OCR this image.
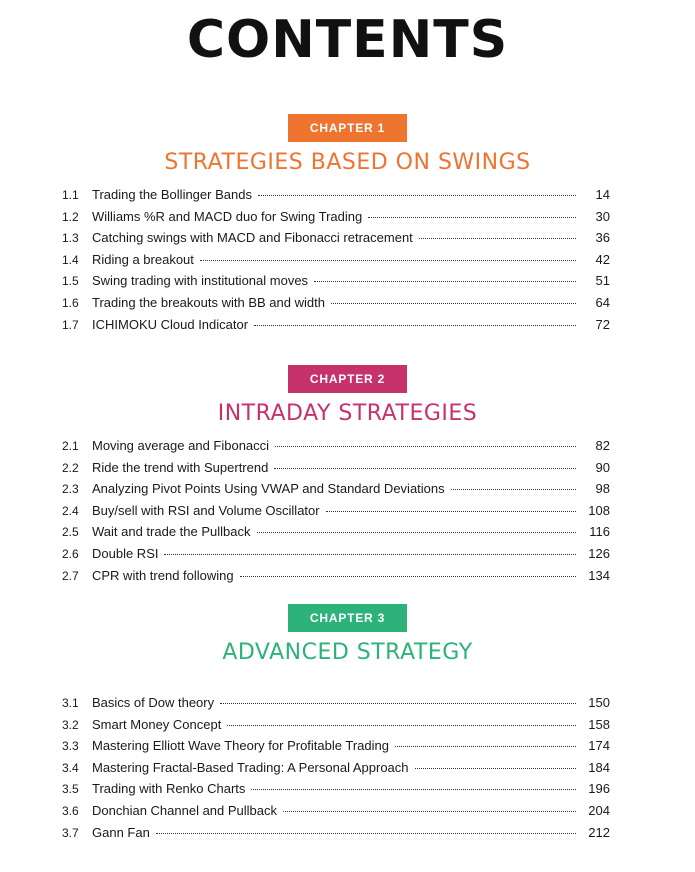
CONTENTS
CHAPTER 1
STRATEGIES BASED ON SWINGS
1.1	Trading the Bollinger Bands	14
1.2	Williams %R and MACD duo for Swing Trading	30
1.3	Catching swings with MACD and Fibonacci retracement	36
1.4	Riding a breakout	42
1.5	Swing trading with institutional moves	51
1.6	Trading the breakouts with BB and width	64
1.7	ICHIMOKU Cloud Indicator	72
CHAPTER 2
INTRADAY STRATEGIES
2.1	Moving average and Fibonacci	82
2.2	Ride the trend with Supertrend	90
2.3	Analyzing Pivot Points Using VWAP and Standard Deviations	98
2.4	Buy/sell with RSI and Volume Oscillator	108
2.5	Wait and trade the Pullback	116
2.6	Double RSI	126
2.7	CPR with trend following	134
CHAPTER 3
ADVANCED STRATEGY
3.1	Basics of Dow theory	150
3.2	Smart Money Concept	158
3.3	Mastering Elliott Wave Theory for Profitable Trading	174
3.4	Mastering Fractal-Based Trading: A Personal Approach	184
3.5	Trading with Renko Charts	196
3.6	Donchian Channel and Pullback	204
3.7	Gann Fan	212
